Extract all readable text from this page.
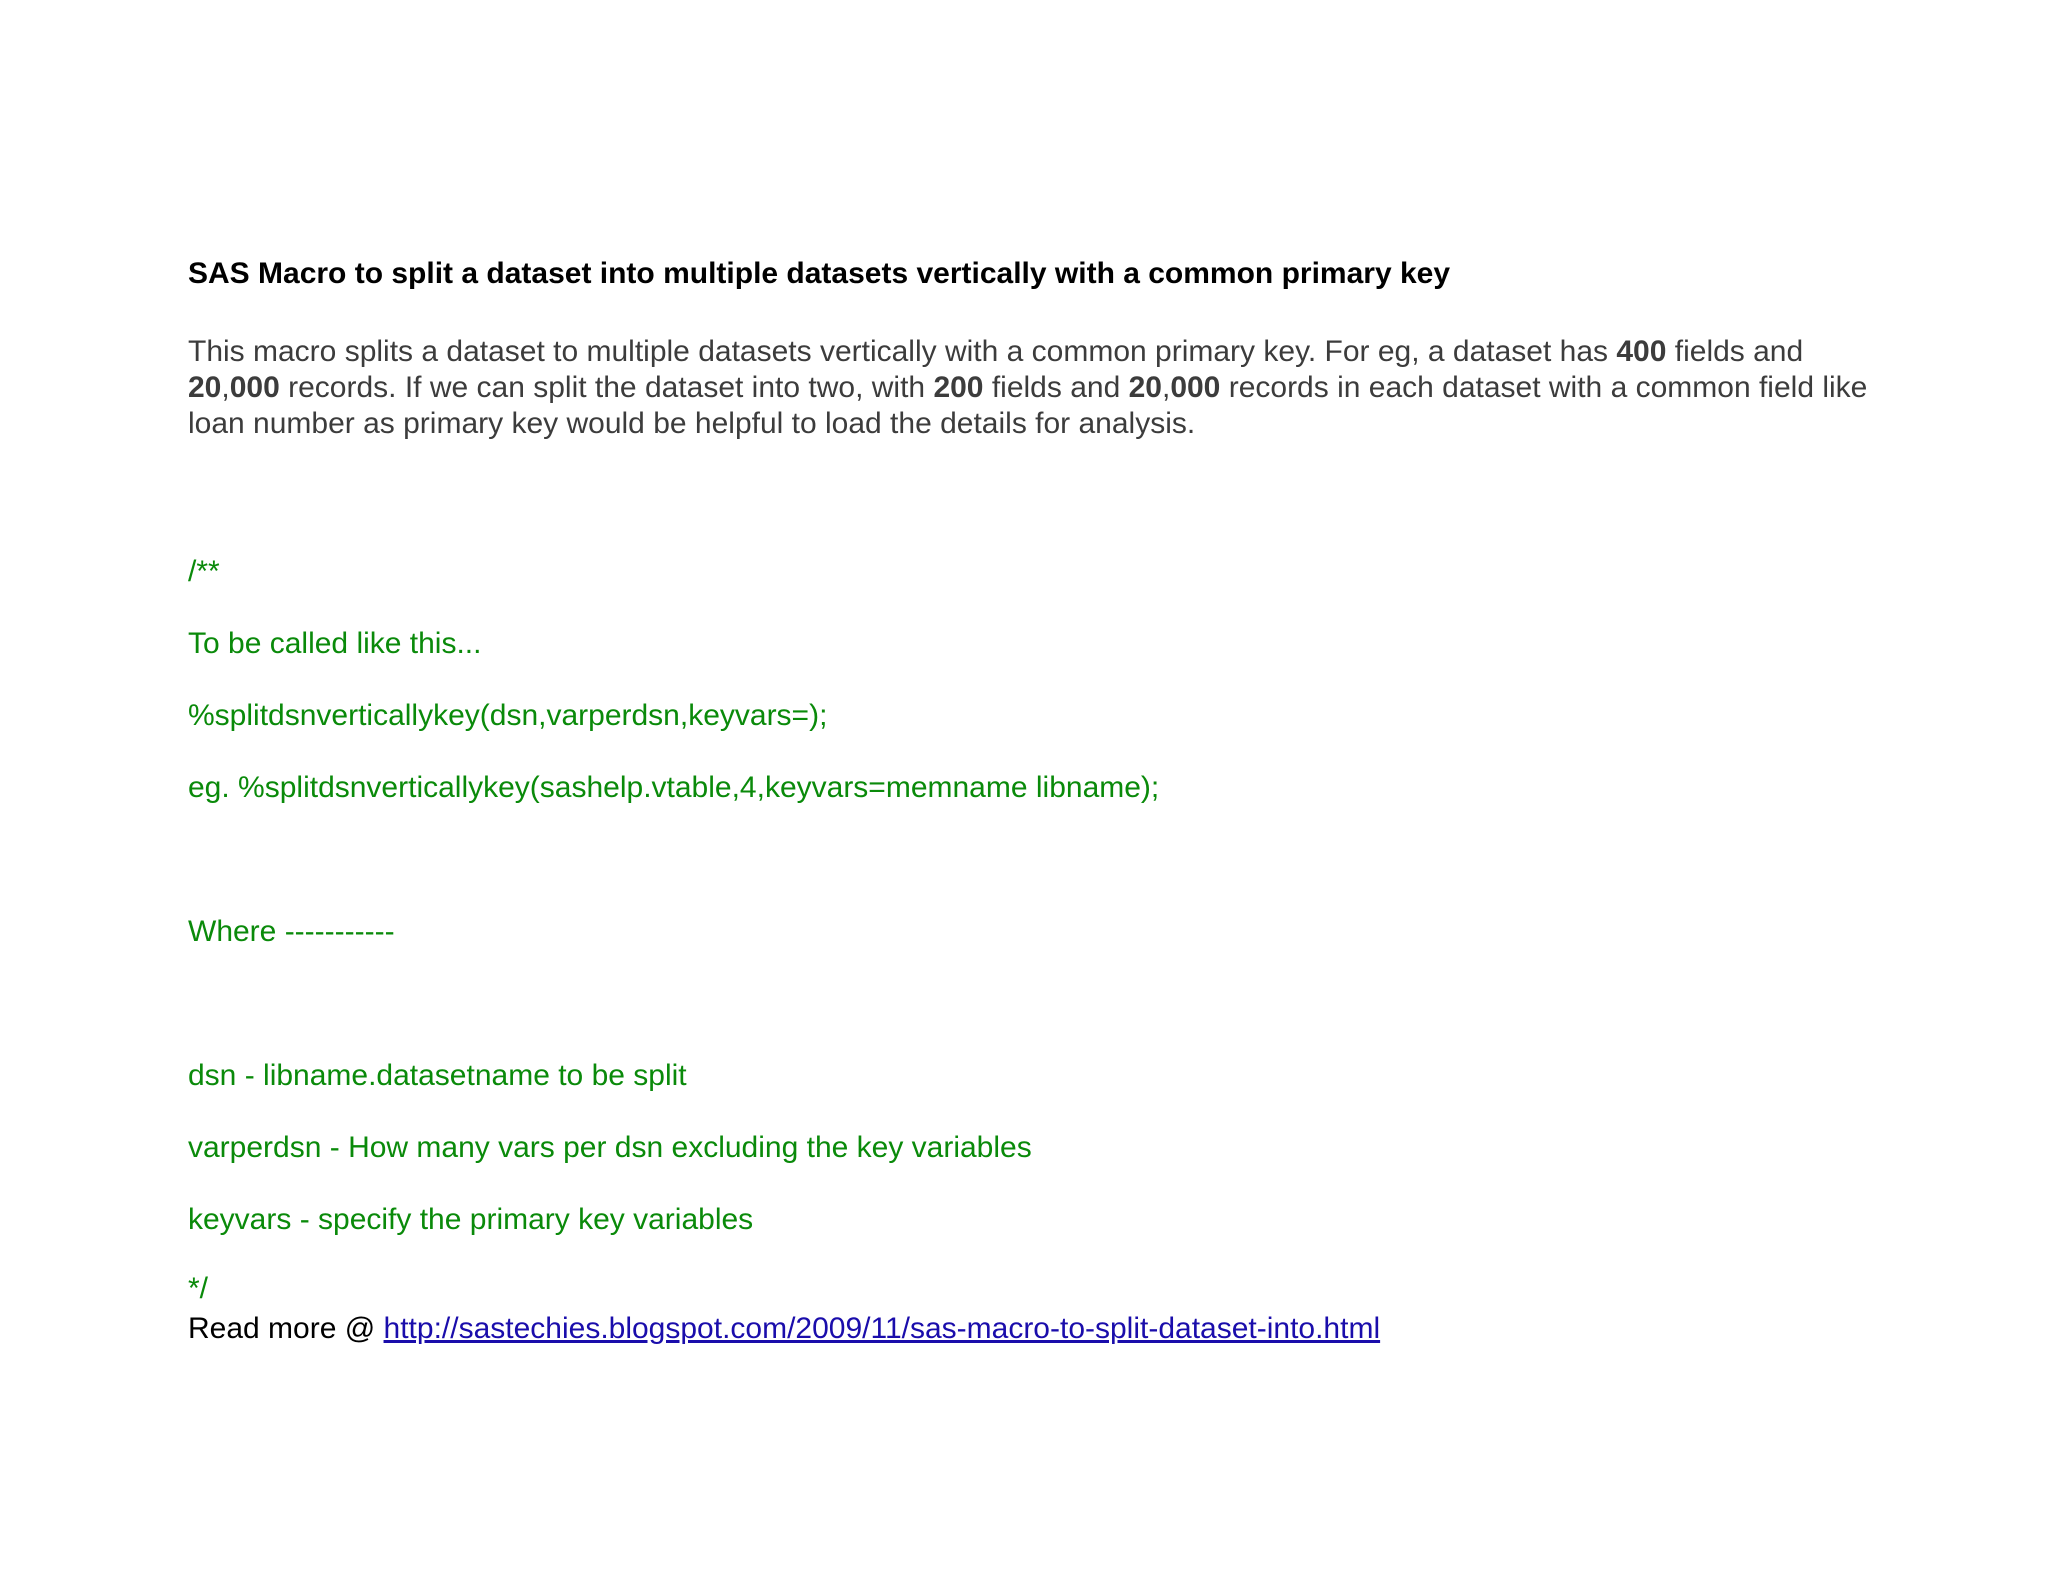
SAS Macro to split a dataset into multiple datasets vertically with a common primary key

This macro splits a dataset to multiple datasets vertically with a common primary key. For eg, a dataset has 400 fields and 20,000 records. If we can split the dataset into two, with 200 fields and 20,000 records in each dataset with a common field like loan number as primary key would be helpful to load the details for analysis.

/**

To be called like this...

%splitdsnverticallykey(dsn,varperdsn,keyvars=);

eg. %splitdsnverticallykey(sashelp.vtable,4,keyvars=memname libname);

Where -----------

dsn - libname.datasetname to be split

varperdsn - How many vars per dsn excluding the key variables

keyvars - specify the primary key variables

*/

Read more @ http://sastechies.blogspot.com/2009/11/sas-macro-to-split-dataset-into.html
